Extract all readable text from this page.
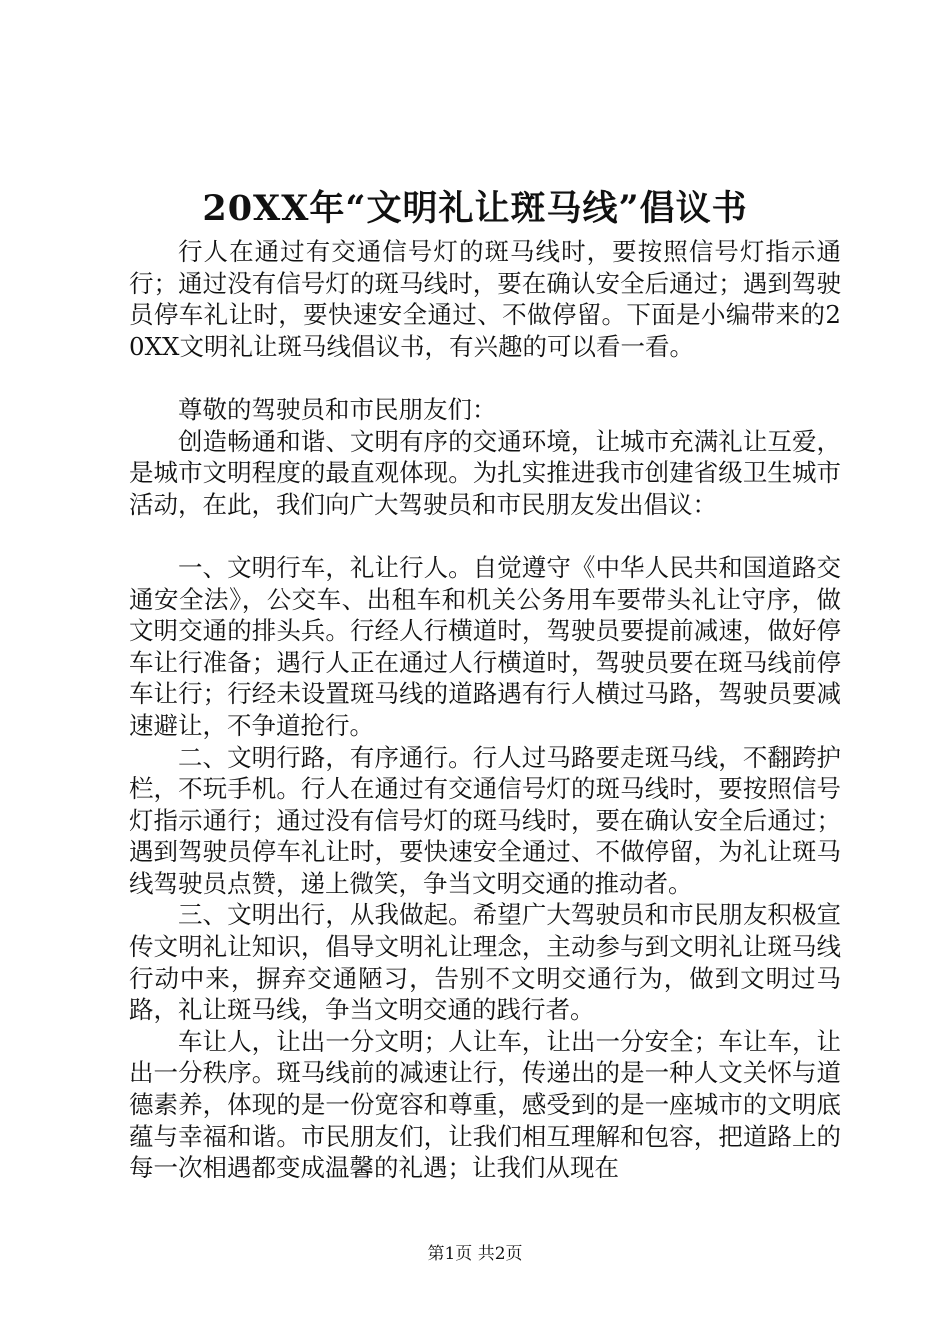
20XX年“文明礼让斑马线”倡议书

行人在通过有交通信号灯的斑马线时，要按照信号灯指示通行；通过没有信号灯的斑马线时，要在确认安全后通过；遇到驾驶员停车礼让时，要快速安全通过、不做停留。下面是小编带来的20XX文明礼让斑马线倡议书，有兴趣的可以看一看。

尊敬的驾驶员和市民朋友们：

创造畅通和谐、文明有序的交通环境，让城市充满礼让互爱，是城市文明程度的最直观体现。为扎实推进我市创建省级卫生城市活动，在此，我们向广大驾驶员和市民朋友发出倡议：

一、文明行车，礼让行人。自觉遵守《中华人民共和国道路交通安全法》，公交车、出租车和机关公务用车要带头礼让守序，做文明交通的排头兵。行经人行横道时，驾驶员要提前减速，做好停车让行准备；遇行人正在通过人行横道时，驾驶员要在斑马线前停车让行；行经未设置斑马线的道路遇有行人横过马路，驾驶员要减速避让，不争道抢行。

二、文明行路，有序通行。行人过马路要走斑马线，不翻跨护栏，不玩手机。行人在通过有交通信号灯的斑马线时，要按照信号灯指示通行；通过没有信号灯的斑马线时，要在确认安全后通过；遇到驾驶员停车礼让时，要快速安全通过、不做停留，为礼让斑马线驾驶员点赞，递上微笑，争当文明交通的推动者。

三、文明出行，从我做起。希望广大驾驶员和市民朋友积极宣传文明礼让知识，倡导文明礼让理念，主动参与到文明礼让斑马线行动中来，摒弃交通陋习，告别不文明交通行为，做到文明过马路，礼让斑马线，争当文明交通的践行者。

车让人，让出一分文明；人让车，让出一分安全；车让车，让出一分秩序。斑马线前的减速让行，传递出的是一种人文关怀与道德素养，体现的是一份宽容和尊重，感受到的是一座城市的文明底蕴与幸福和谐。市民朋友们，让我们相互理解和包容，把道路上的每一次相遇都变成温馨的礼遇；让我们从现在

第1页 共2页
